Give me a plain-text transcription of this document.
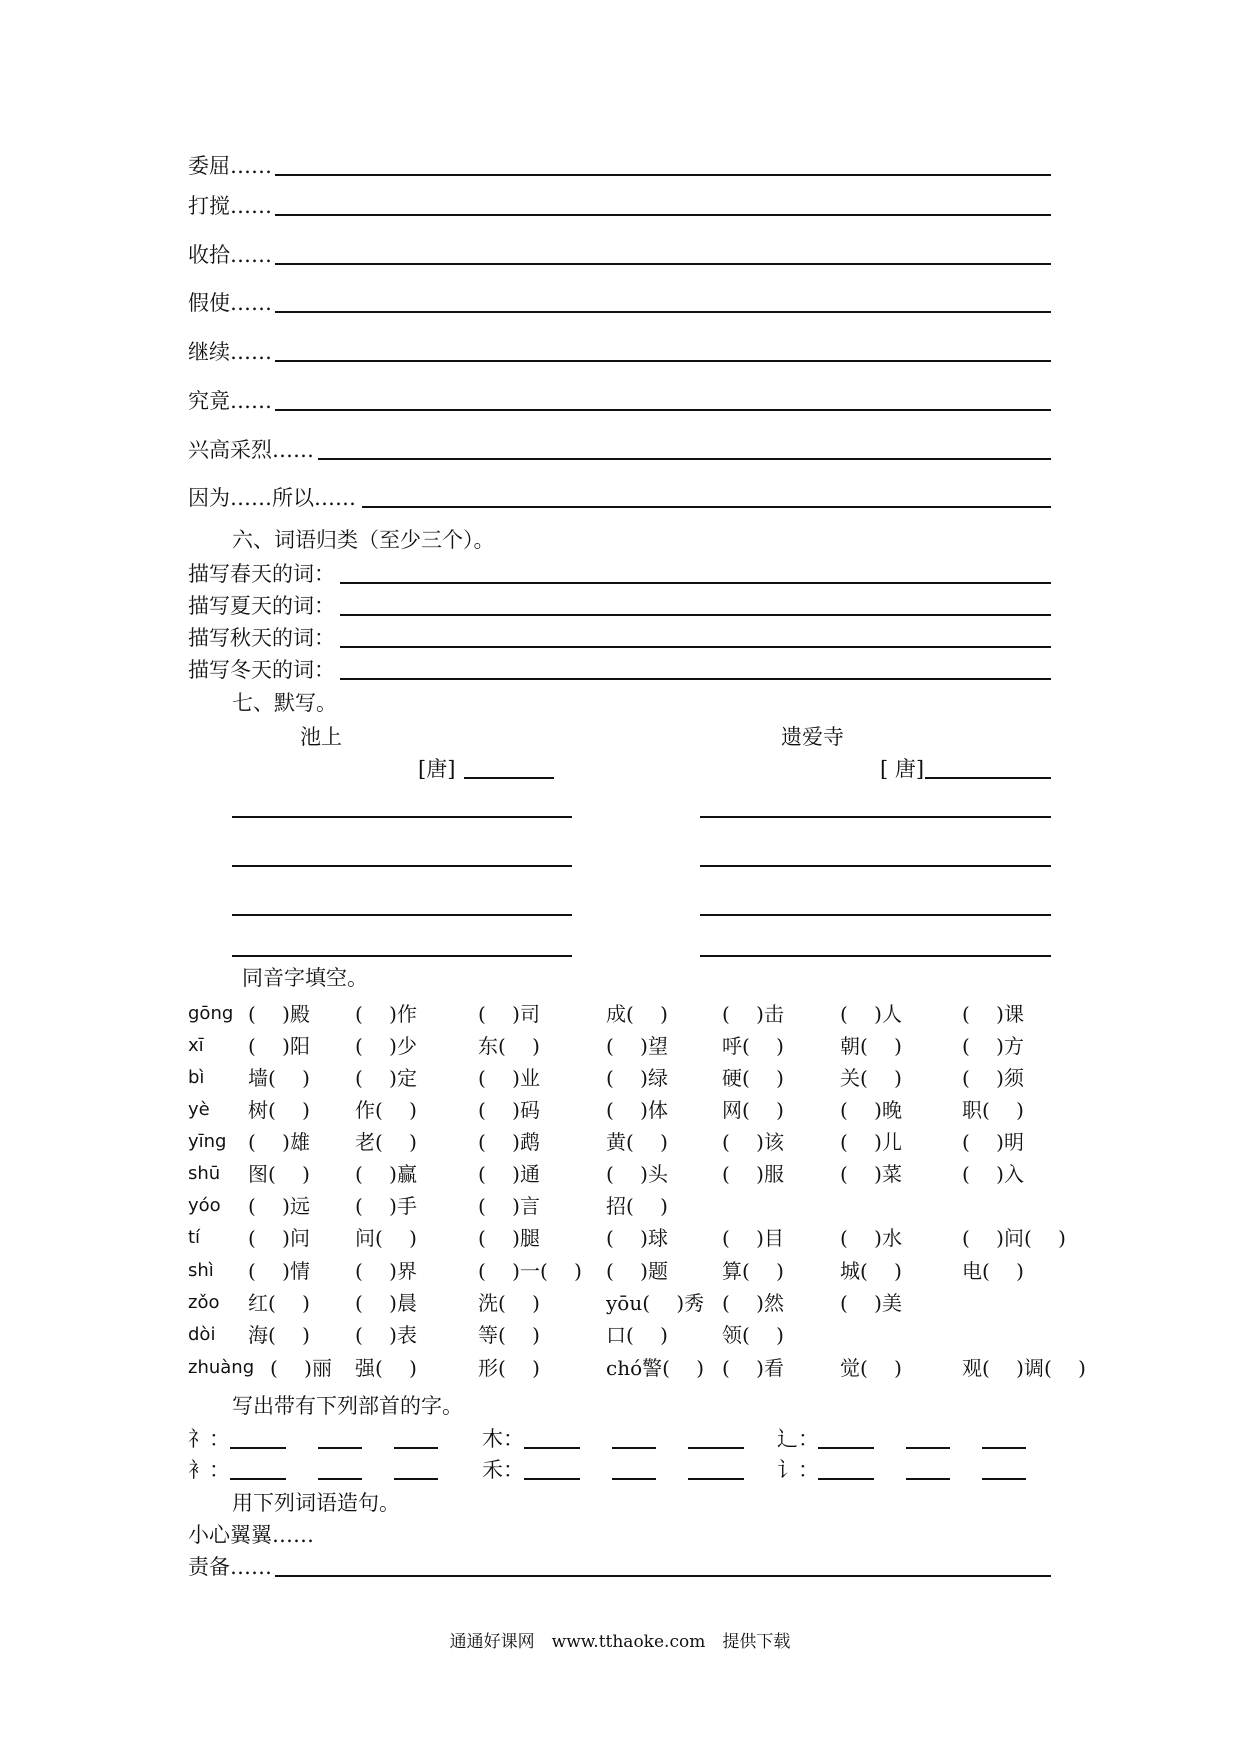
委屈……
打搅……
收拾……
假使……
继续……
究竟……
兴高采烈……
因为……所以……
六、词语归类（至少三个）。
描写春天的词：
描写夏天的词：
描写秋天的词：
描写冬天的词：
七、默写。
池上	遗爱寺
[唐]	[ 唐]
同音字填空。
gōng (　 )殿 (　 )作	(　 )司	成(　 )	(　 )击	(　 )人	(　 )课
xī (　 )阳 (　 )少	东(　 )	(　 )望	呼(　 )	朝(　 )	(　 )方
bì 墙(　 ) (　 )定	(　 )业	(　 )绿	硬(　 )	关(　 )	(　 )须
yè 树(　 ) 作(　 )	(　 )码	(　 )体	网(　 )	(　 )晚	职(　 )
yīng (　 )雄 老(　 )	(　 )鹉	黄(　 )	(　 )该	(　 )儿	(　 )明
shū 图(　 ) (　 )赢	(　 )通	(　 )头	(　 )服	(　 )菜	(　 )入
yóo (　 )远 (　 )手	(　 )言	招(　 )
tí (　 )问 问(　 )	(　 )腿	(　 )球	(　 )目	(　 )水	(　 )问(　 )
shì (　 )情 (　 )界	(　 )一(　 ) (　 )题	算(　 )	城(　 )	电(　 )
zǒo 红(　 ) (　 )晨	洗(　 )	yōu(　 )秀 (　 )然	(　 )美
dòi 海(　 ) (　 )表	等(　 )	口(　 )	领(　 )
zhuàng (　 )丽 强(　 )	形(　 )	chó警(　 ) (　 )看	觉(　 )	观(　 )调(　 )
写出带有下列部首的字。
礻：	木：	辶：
衤：	禾：	讠：
用下列词语造句。
小心翼翼……
责备……
通通好课网　www.tthaoke.com　提供下载
